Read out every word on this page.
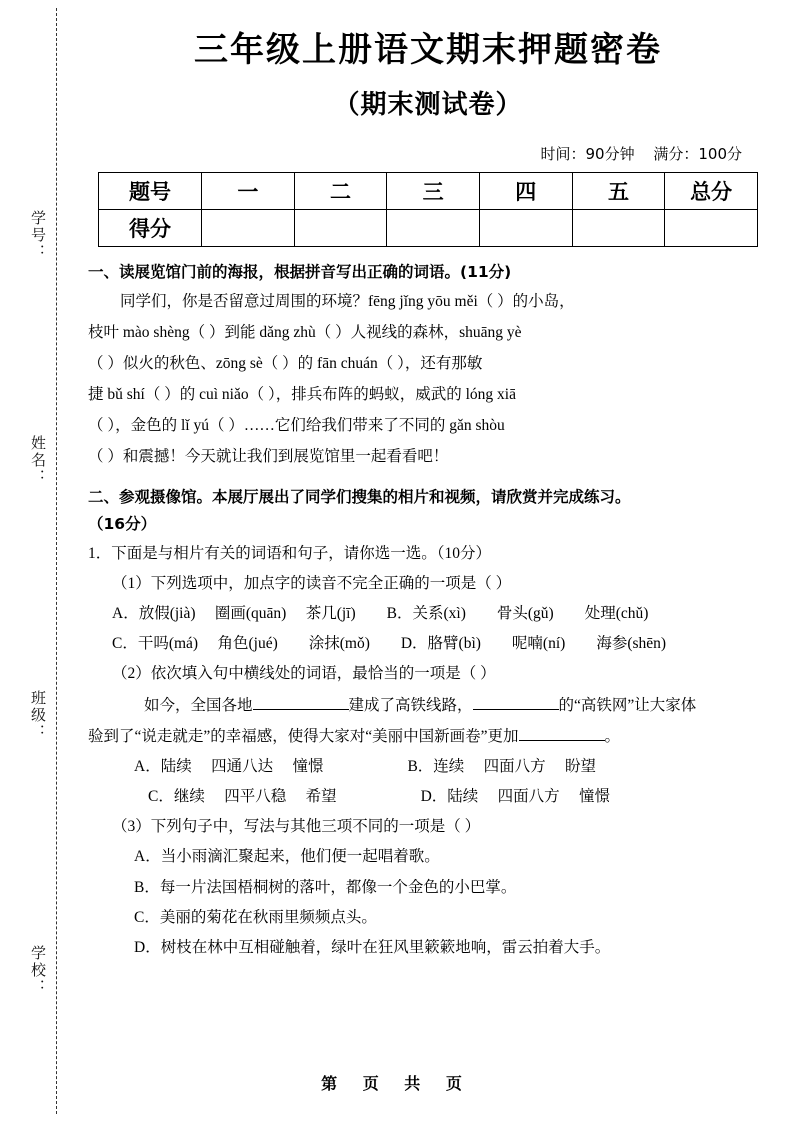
学号：
姓名：
班级：
学校：
三年级上册语文期末押题密卷
（期末测试卷）
时间：90分钟 满分：100分
题号	一	二	三	四	五	总分
得分						
一、读展览馆门前的海报，根据拼音写出正确的词语。(11分)
同学们，你是否留意过周围的环境？fēng jǐng yōu měi（ ）的小岛，
枝叶 mào shèng（ ）到能 dǎng zhù（ ）人视线的森林，shuāng yè
（ ）似火的秋色、zōng sè（ ）的 fān chuán（ ），还有那敏
捷 bǔ shí（ ）的 cuì niǎo（ ），排兵布阵的蚂蚁，威武的 lóng xiā
（ ），金色的 lǐ yú（ ）……它们给我们带来了不同的 gǎn shòu
（ ）和震撼！今天就让我们到展览馆里一起看看吧！
二、参观摄像馆。本展厅展出了同学们搜集的相片和视频，请欣赏并完成练习。
（16分）
1．下面是与相片有关的词语和句子，请你选一选。（10分）
（1）下列选项中，加点字的读音不完全正确的一项是（ ）
A．放假(jià)　 圈画(quān)　 茶几(jī)　　B．关系(xì)　　骨头(gǔ)　　处理(chǔ)
C．干吗(má)　 角色(jué)　　涂抹(mǒ)　　D．胳臂(bì)　　呢喃(ní)　　海参(shēn)
（2）依次填入句中横线处的词语，最恰当的一项是（ ）
如今，全国各地	建成了高铁线路，	的“高铁网”让大家体
验到了“说走就走”的幸福感，使得大家对“美丽中国新画卷”更加	。
A．陆续　 四通八达　 憧憬	B．连续　 四面八方　 盼望
C．继续　 四平八稳　 希望	D．陆续　 四面八方　 憧憬
（3）下列句子中，写法与其他三项不同的一项是（ ）
A．当小雨滴汇聚起来，他们便一起唱着歌。
B．每一片法国梧桐树的落叶，都像一个金色的小巴掌。
C．美丽的菊花在秋雨里频频点头。
D．树枝在林中互相碰触着，绿叶在狂风里簌簌地响，雷云拍着大手。
第 页 共 页
